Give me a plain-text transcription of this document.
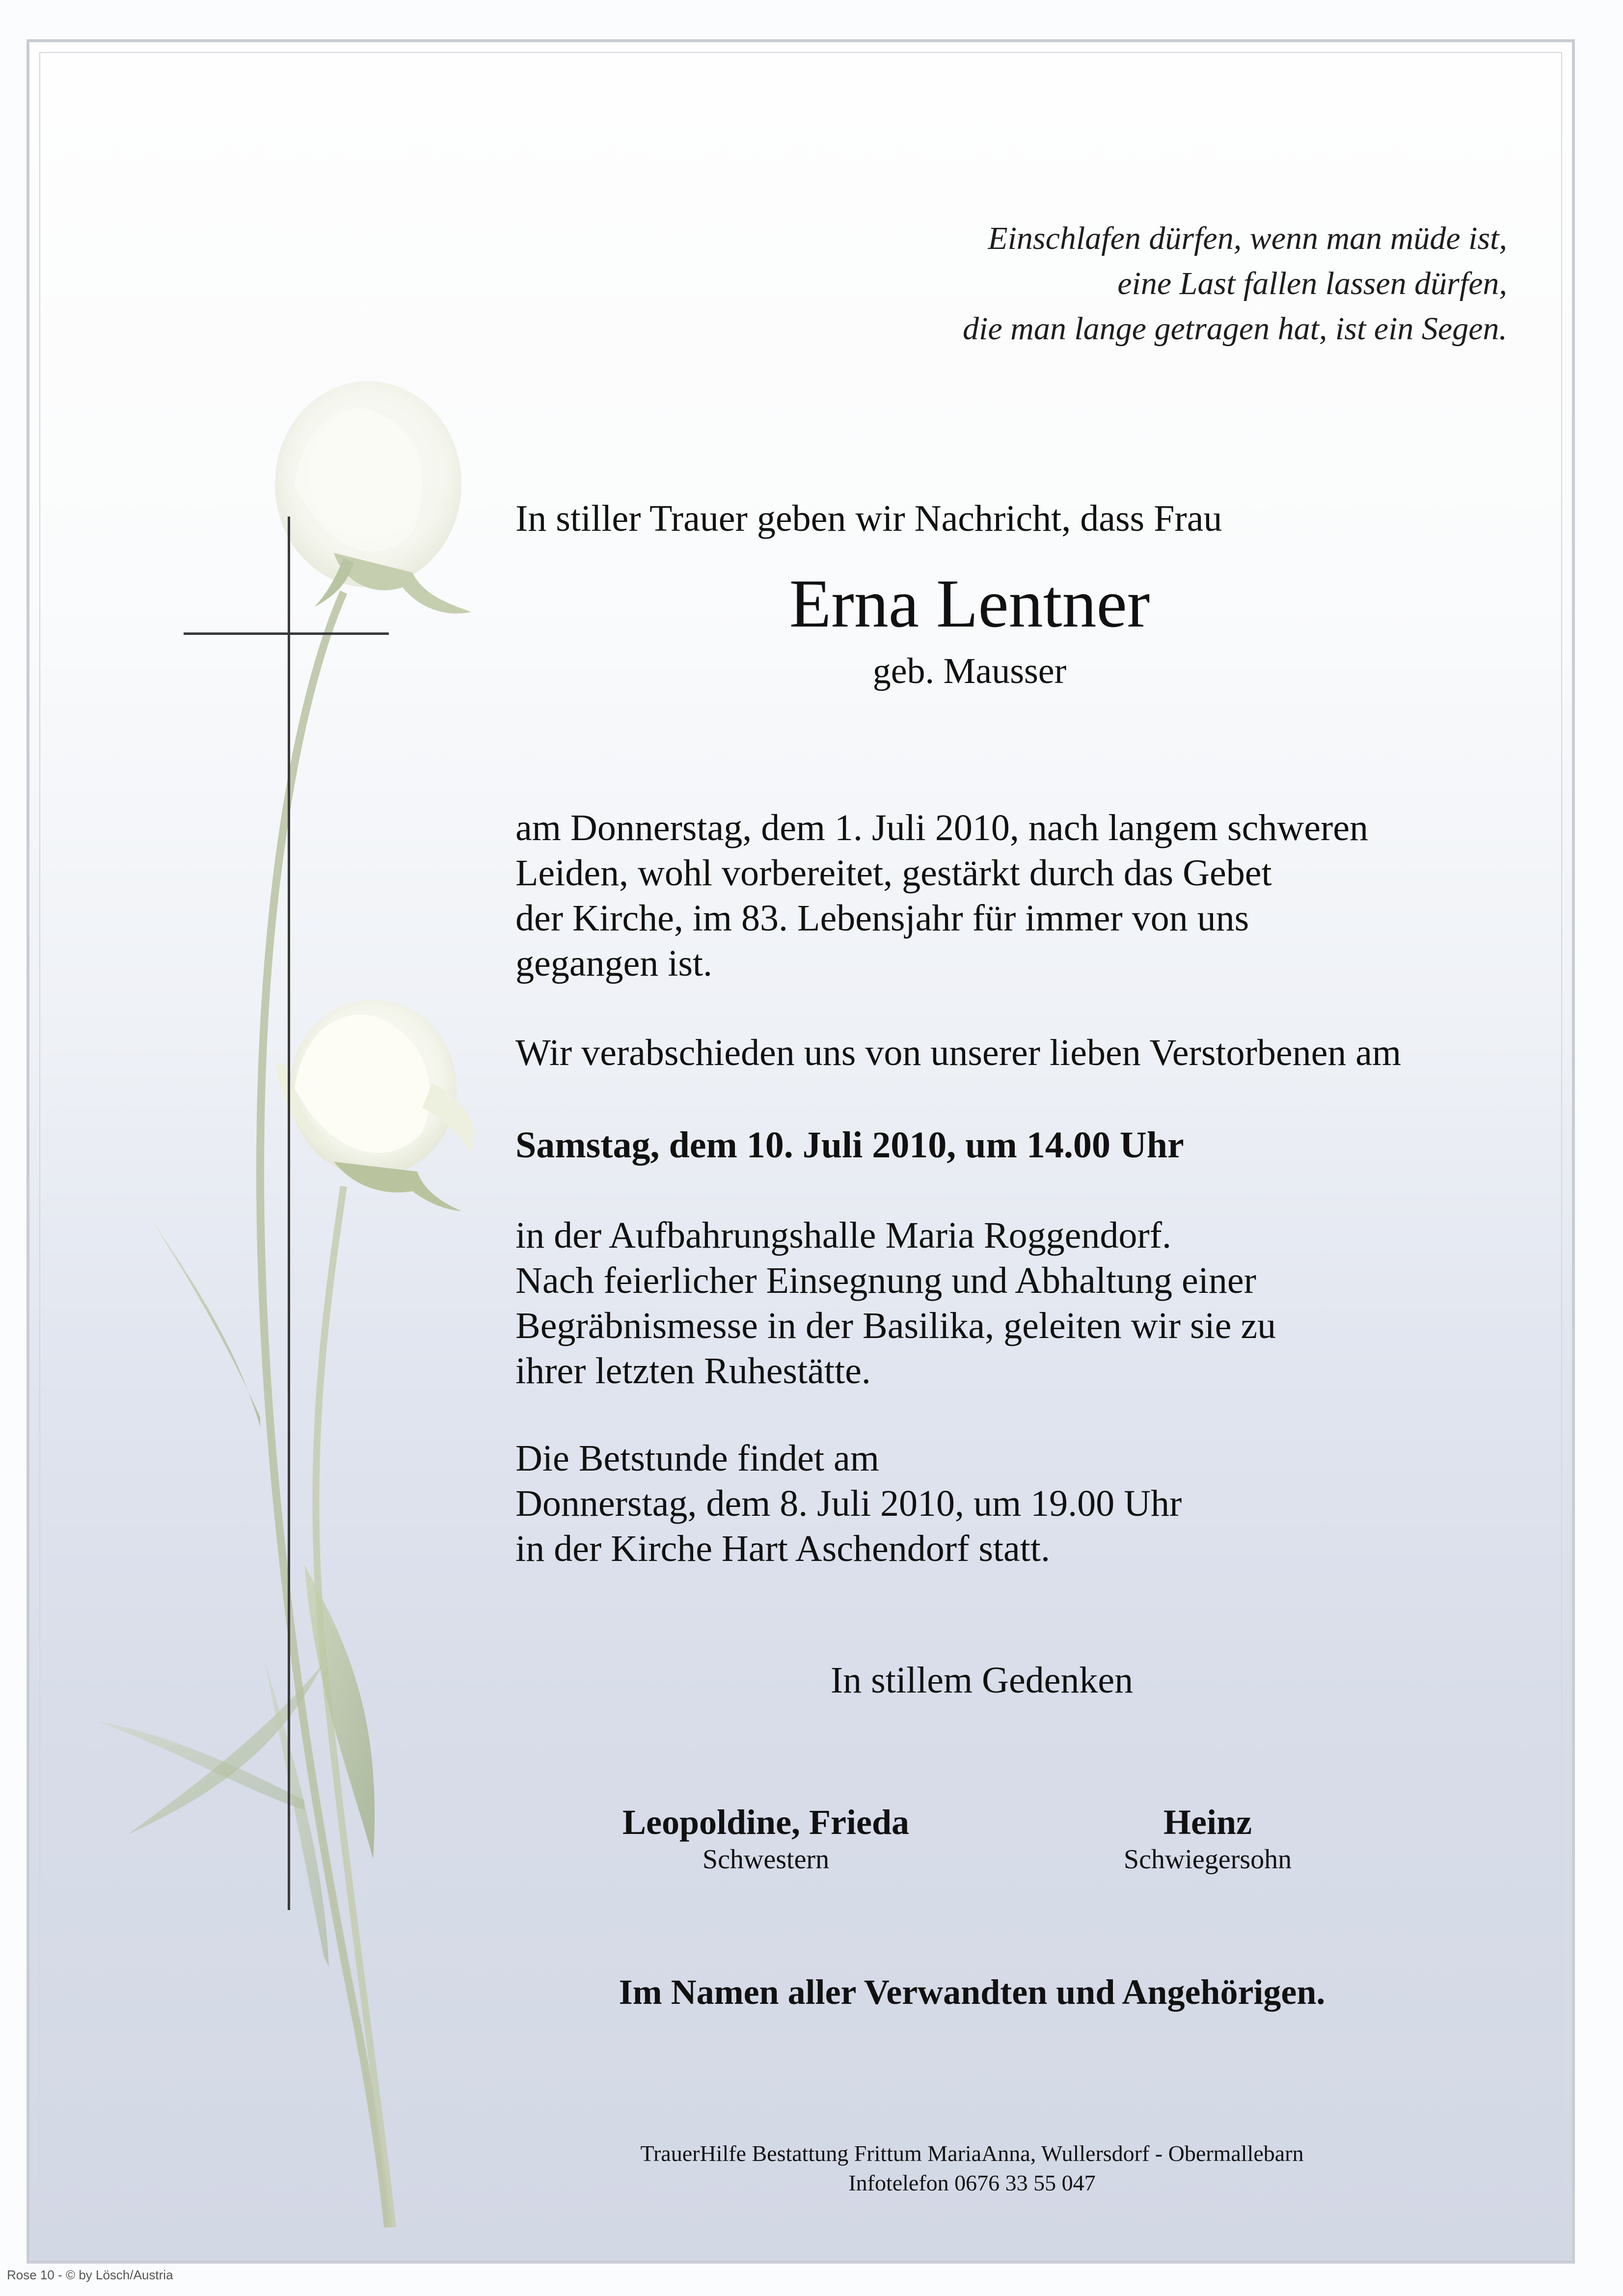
Einschlafen dürfen, wenn man müde ist,
eine Last fallen lassen dürfen,
die man lange getragen hat, ist ein Segen.
In stiller Trauer geben wir Nachricht, dass Frau
Erna Lentner
geb. Mausser
am Donnerstag, dem 1. Juli 2010, nach langem schweren
Leiden, wohl vorbereitet, gestärkt durch das Gebet
der Kirche, im 83. Lebensjahr für immer von uns
gegangen ist.
Wir verabschieden uns von unserer lieben Verstorbenen am
Samstag, dem 10. Juli 2010, um 14.00 Uhr
in der Aufbahrungshalle Maria Roggendorf.
Nach feierlicher Einsegnung und Abhaltung einer
Begräbnismesse in der Basilika, geleiten wir sie zu
ihrer letzten Ruhestätte.
Die Betstunde findet am
Donnerstag, dem 8. Juli 2010, um 19.00 Uhr
in der Kirche Hart Aschendorf statt.
In stillem Gedenken
Leopoldine, Frieda
Schwestern
Heinz
Schwiegersohn
Im Namen aller Verwandten und Angehörigen.
TrauerHilfe Bestattung Frittum MariaAnna, Wullersdorf - Obermallebarn
Infotelefon 0676 33 55 047
Rose 10 - © by Lösch/Austria
